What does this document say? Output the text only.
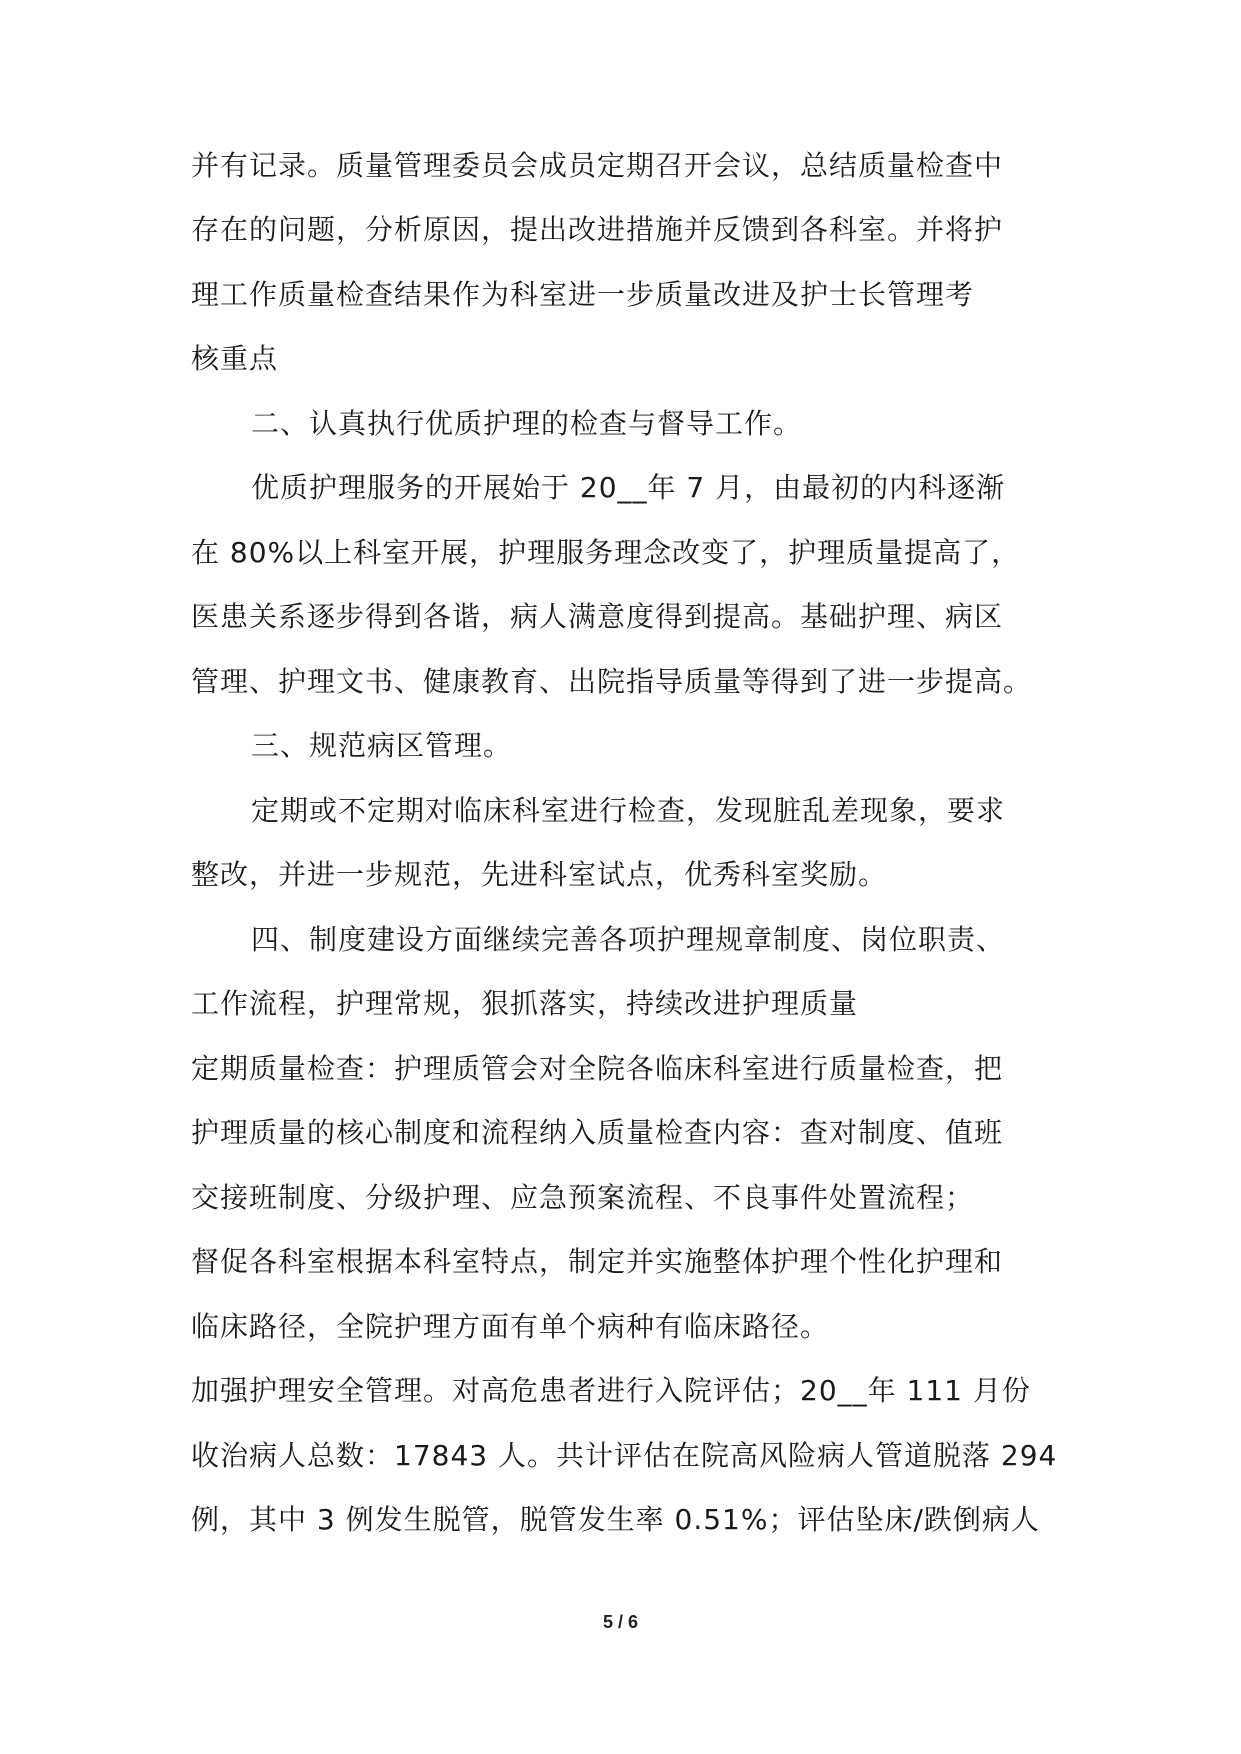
并有记录。质量管理委员会成员定期召开会议，总结质量检查中
存在的问题，分析原因，提出改进措施并反馈到各科室。并将护
理工作质量检查结果作为科室进一步质量改进及护士长管理考
核重点
二、认真执行优质护理的检查与督导工作。
优质护理服务的开展始于 20__年 7 月，由最初的内科逐渐
在 80%以上科室开展，护理服务理念改变了，护理质量提高了，
医患关系逐步得到各谐，病人满意度得到提高。基础护理、病区
管理、护理文书、健康教育、出院指导质量等得到了进一步提高。
三、规范病区管理。
定期或不定期对临床科室进行检查，发现脏乱差现象，要求
整改，并进一步规范，先进科室试点，优秀科室奖励。
四、制度建设方面继续完善各项护理规章制度、岗位职责、
工作流程，护理常规，狠抓落实，持续改进护理质量
定期质量检查：护理质管会对全院各临床科室进行质量检查，把
护理质量的核心制度和流程纳入质量检查内容：查对制度、值班
交接班制度、分级护理、应急预案流程、不良事件处置流程；
督促各科室根据本科室特点，制定并实施整体护理个性化护理和
临床路径，全院护理方面有单个病种有临床路径。
加强护理安全管理。对高危患者进行入院评估；20__年 111 月份
收治病人总数：17843 人。共计评估在院高风险病人管道脱落 294
例，其中 3 例发生脱管，脱管发生率 0.51%；评估坠床/跌倒病人
5 / 6
